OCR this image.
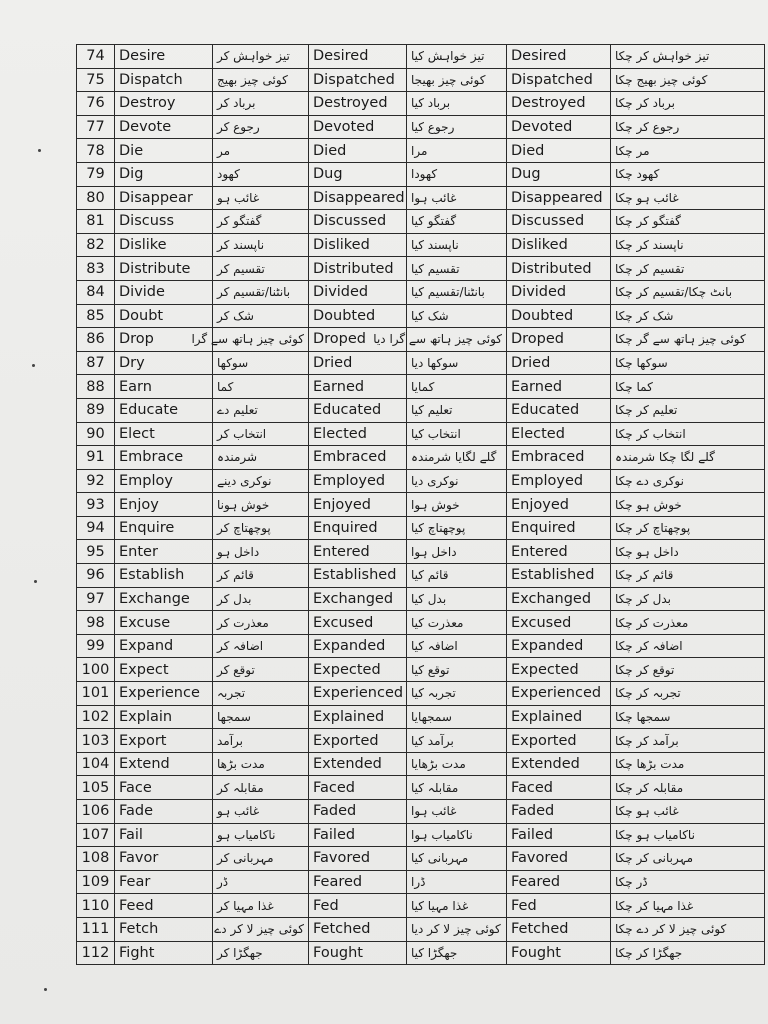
74	Desire	تیز خواہش کر	Desired	تیز خواہش کیا	Desired	تیز خواہش کر چکا
75	Dispatch	کوئی چیز بھیج	Dispatched	کوئی چیز بھیجا	Dispatched	کوئی چیز بھیج چکا
76	Destroy	برباد کر	Destroyed	برباد کیا	Destroyed	برباد کر چکا
77	Devote	رجوع کر	Devoted	رجوع کیا	Devoted	رجوع کر چکا
78	Die	مر	Died	مرا	Died	مر چکا
79	Dig	کھود	Dug	کھودا	Dug	کھود چکا
80	Disappear	غائب ہو	Disappeared	غائب ہوا	Disappeared	غائب ہو چکا
81	Discuss	گفتگو کر	Discussed	گفتگو کیا	Discussed	گفتگو کر چکا
82	Dislike	ناپسند کر	Disliked	ناپسند کیا	Disliked	ناپسند کر چکا
83	Distribute	تقسیم کر	Distributed	تقسیم کیا	Distributed	تقسیم کر چکا
84	Divide	بانٹنا/تقسیم کر	Divided	بانٹنا/تقسیم کیا	Divided	بانٹ چکا/تقسیم کر چکا
85	Doubt	شک کر	Doubted	شک کیا	Doubted	شک کر چکا
86	Drop	کوئی چیز ہاتھ سے گرا	Droped	کوئی چیز ہاتھ سے گرا دیا	Droped	کوئی چیز ہاتھ سے گر چکا
87	Dry	سوکھا	Dried	سوکھا دیا	Dried	سوکھا چکا
88	Earn	کما	Earned	کمایا	Earned	کما چکا
89	Educate	تعلیم دے	Educated	تعلیم کیا	Educated	تعلیم کر چکا
90	Elect	انتخاب کر	Elected	انتخاب کیا	Elected	انتخاب کر چکا
91	Embrace	شرمندہ	Embraced	گلے لگایا شرمندہ	Embraced	گلے لگا چکا شرمندہ
92	Employ	نوکری دینے	Employed	نوکری دیا	Employed	نوکری دے چکا
93	Enjoy	خوش ہونا	Enjoyed	خوش ہوا	Enjoyed	خوش ہو چکا
94	Enquire	پوچھتاچ کر	Enquired	پوچھتاچ کیا	Enquired	پوچھتاچ کر چکا
95	Enter	داخل ہو	Entered	داخل ہوا	Entered	داخل ہو چکا
96	Establish	قائم کر	Established	قائم کیا	Established	قائم کر چکا
97	Exchange	بدل کر	Exchanged	بدل کیا	Exchanged	بدل کر چکا
98	Excuse	معذرت کر	Excused	معذرت کیا	Excused	معذرت کر چکا
99	Expand	اضافہ کر	Expanded	اضافہ کیا	Expanded	اضافہ کر چکا
100	Expect	توقع کر	Expected	توقع کیا	Expected	توقع کر چکا
101	Experience	تجربہ	Experienced	تجربہ کیا	Experienced	تجربہ کر چکا
102	Explain	سمجھا	Explained	سمجھایا	Explained	سمجھا چکا
103	Export	برآمد	Exported	برآمد کیا	Exported	برآمد کر چکا
104	Extend	مدت بڑھا	Extended	مدت بڑھایا	Extended	مدت بڑھا چکا
105	Face	مقابلہ کر	Faced	مقابلہ کیا	Faced	مقابلہ کر چکا
106	Fade	غائب ہو	Faded	غائب ہوا	Faded	غائب ہو چکا
107	Fail	ناکامیاب ہو	Failed	ناکامیاب ہوا	Failed	ناکامیاب ہو چکا
108	Favor	مہربانی کر	Favored	مہربانی کیا	Favored	مہربانی کر چکا
109	Fear	ڈر	Feared	ڈرا	Feared	ڈر چکا
110	Feed	غذا مہیا کر	Fed	غذا مہیا کیا	Fed	غذا مہیا کر چکا
111	Fetch	کوئی چیز لا کر دے	Fetched	کوئی چیز لا کر دیا	Fetched	کوئی چیز لا کر دے چکا
112	Fight	جھگڑا کر	Fought	جھگڑا کیا	Fought	جھگڑا کر چکا
